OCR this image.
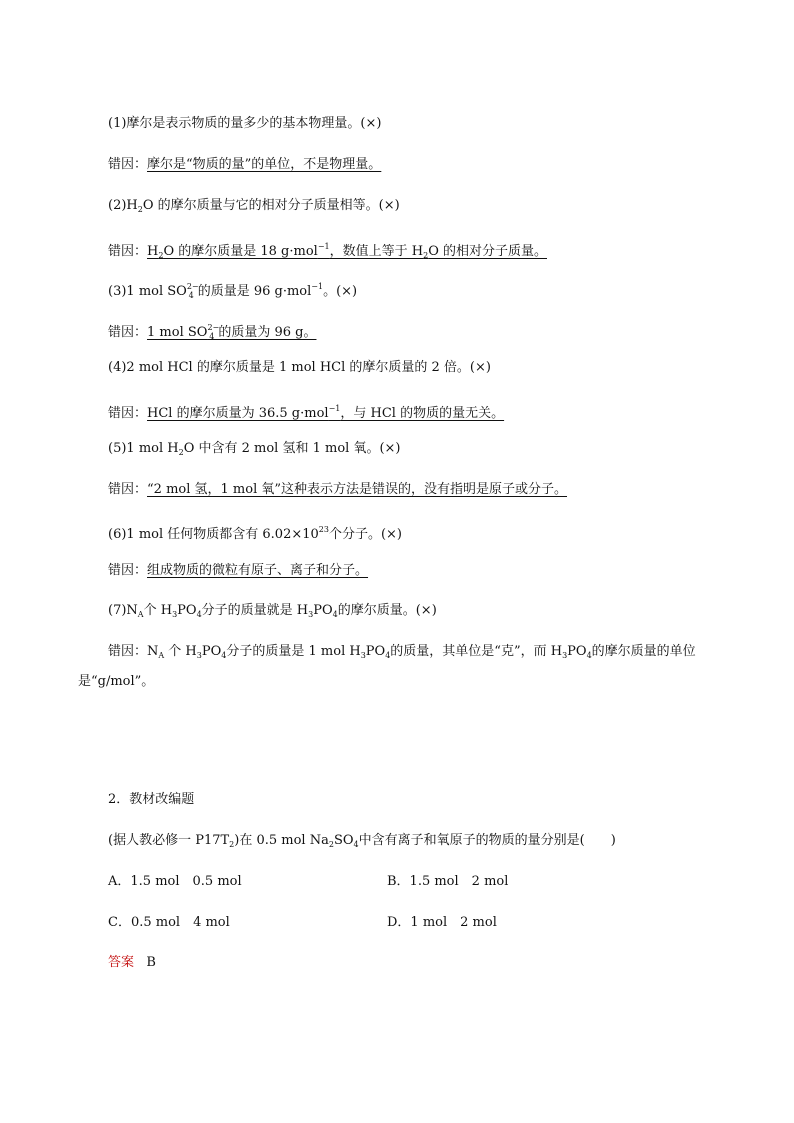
(1)摩尔是表示物质的量多少的基本物理量。(×)
错因：摩尔是“物质的量”的单位，不是物理量。
$(2)H_2O$ 的摩尔质量与它的相对分子质量相等。(×)
错因：$H_2O$ 的摩尔质量是 18 g·mol$^{-1}$，数值上等于 $H_2O$ 的相对分子质量。
(3)1 mol $SO^{2-}_4$ 的质量是 96 g·mol$^{-1}$。(×)
错因：1 mol $SO^{2-}_4$ 的质量为 96 g。
(4)2 mol HCl 的摩尔质量是 1 mol HCl 的摩尔质量的 2 倍。(×)
错因：HCl 的摩尔质量为 36.5 g·mol$^{-1}$，与 HCl 的物质的量无关。
(5)1 mol $H_2O$ 中含有 2 mol 氢和 1 mol 氧。(×)
错因：“2 mol 氢，1 mol 氧”这种表示方法是错误的，没有指明是原子或分子。
(6)1 mol 任何物质都含有 $6.02\times 10^{23}$个分子。(×)
错因：组成物质的微粒有原子、离子和分子。
$(7)N_A$个 $H_3PO_4$分子的质量就是 $H_3PO_4$的摩尔质量。(×)
错因：$N_A$ 个 $H_3PO_4$分子的质量是 1 mol $H_3PO_4$的质量，其单位是“克”，而 $H_3PO_4$的摩尔质量的单位是“g/mol”。
2．教材改编题
(据人教必修一 $P17T_2$)在 0.5 mol $Na_2SO_4$中含有离子和氧原子的物质的量分别是(　　)
A．1.5 mol　0.5 mol	B．1.5 mol　2 mol
C．0.5 mol　4 mol	D．1 mol　2 mol
答案 B
